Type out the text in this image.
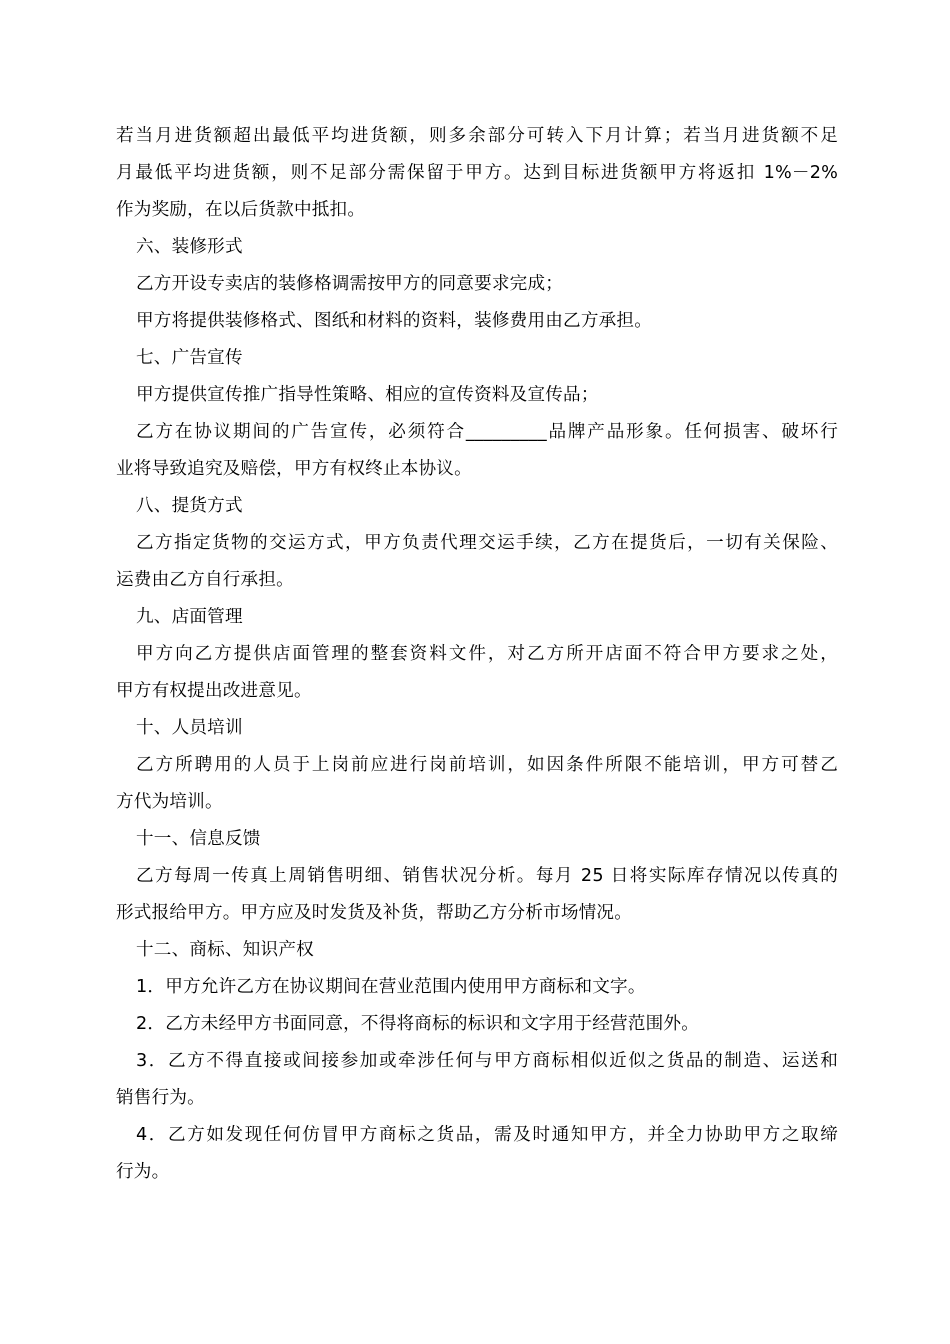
若当月进货额超出最低平均进货额，则多余部分可转入下月计算；若当月进货额不足
月最低平均进货额，则不足部分需保留于甲方。达到目标进货额甲方将返扣 1%－2%
作为奖励，在以后货款中抵扣。
六、装修形式
乙方开设专卖店的装修格调需按甲方的同意要求完成；
甲方将提供装修格式、图纸和材料的资料，装修费用由乙方承担。
七、广告宣传
甲方提供宣传推广指导性策略、相应的宣传资料及宣传品；
乙方在协议期间的广告宣传，必须符合_________品牌产品形象。任何损害、破坏行
业将导致追究及赔偿，甲方有权终止本协议。
八、提货方式
乙方指定货物的交运方式，甲方负责代理交运手续，乙方在提货后，一切有关保险、
运费由乙方自行承担。
九、店面管理
甲方向乙方提供店面管理的整套资料文件，对乙方所开店面不符合甲方要求之处，
甲方有权提出改进意见。
十、人员培训
乙方所聘用的人员于上岗前应进行岗前培训，如因条件所限不能培训，甲方可替乙
方代为培训。
十一、信息反馈
乙方每周一传真上周销售明细、销售状况分析。每月 25 日将实际库存情况以传真的
形式报给甲方。甲方应及时发货及补货，帮助乙方分析市场情况。
十二、商标、知识产权
1．甲方允许乙方在协议期间在营业范围内使用甲方商标和文字。
2．乙方未经甲方书面同意，不得将商标的标识和文字用于经营范围外。
3．乙方不得直接或间接参加或牵涉任何与甲方商标相似近似之货品的制造、运送和
销售行为。
4．乙方如发现任何仿冒甲方商标之货品，需及时通知甲方，并全力协助甲方之取缔
行为。
